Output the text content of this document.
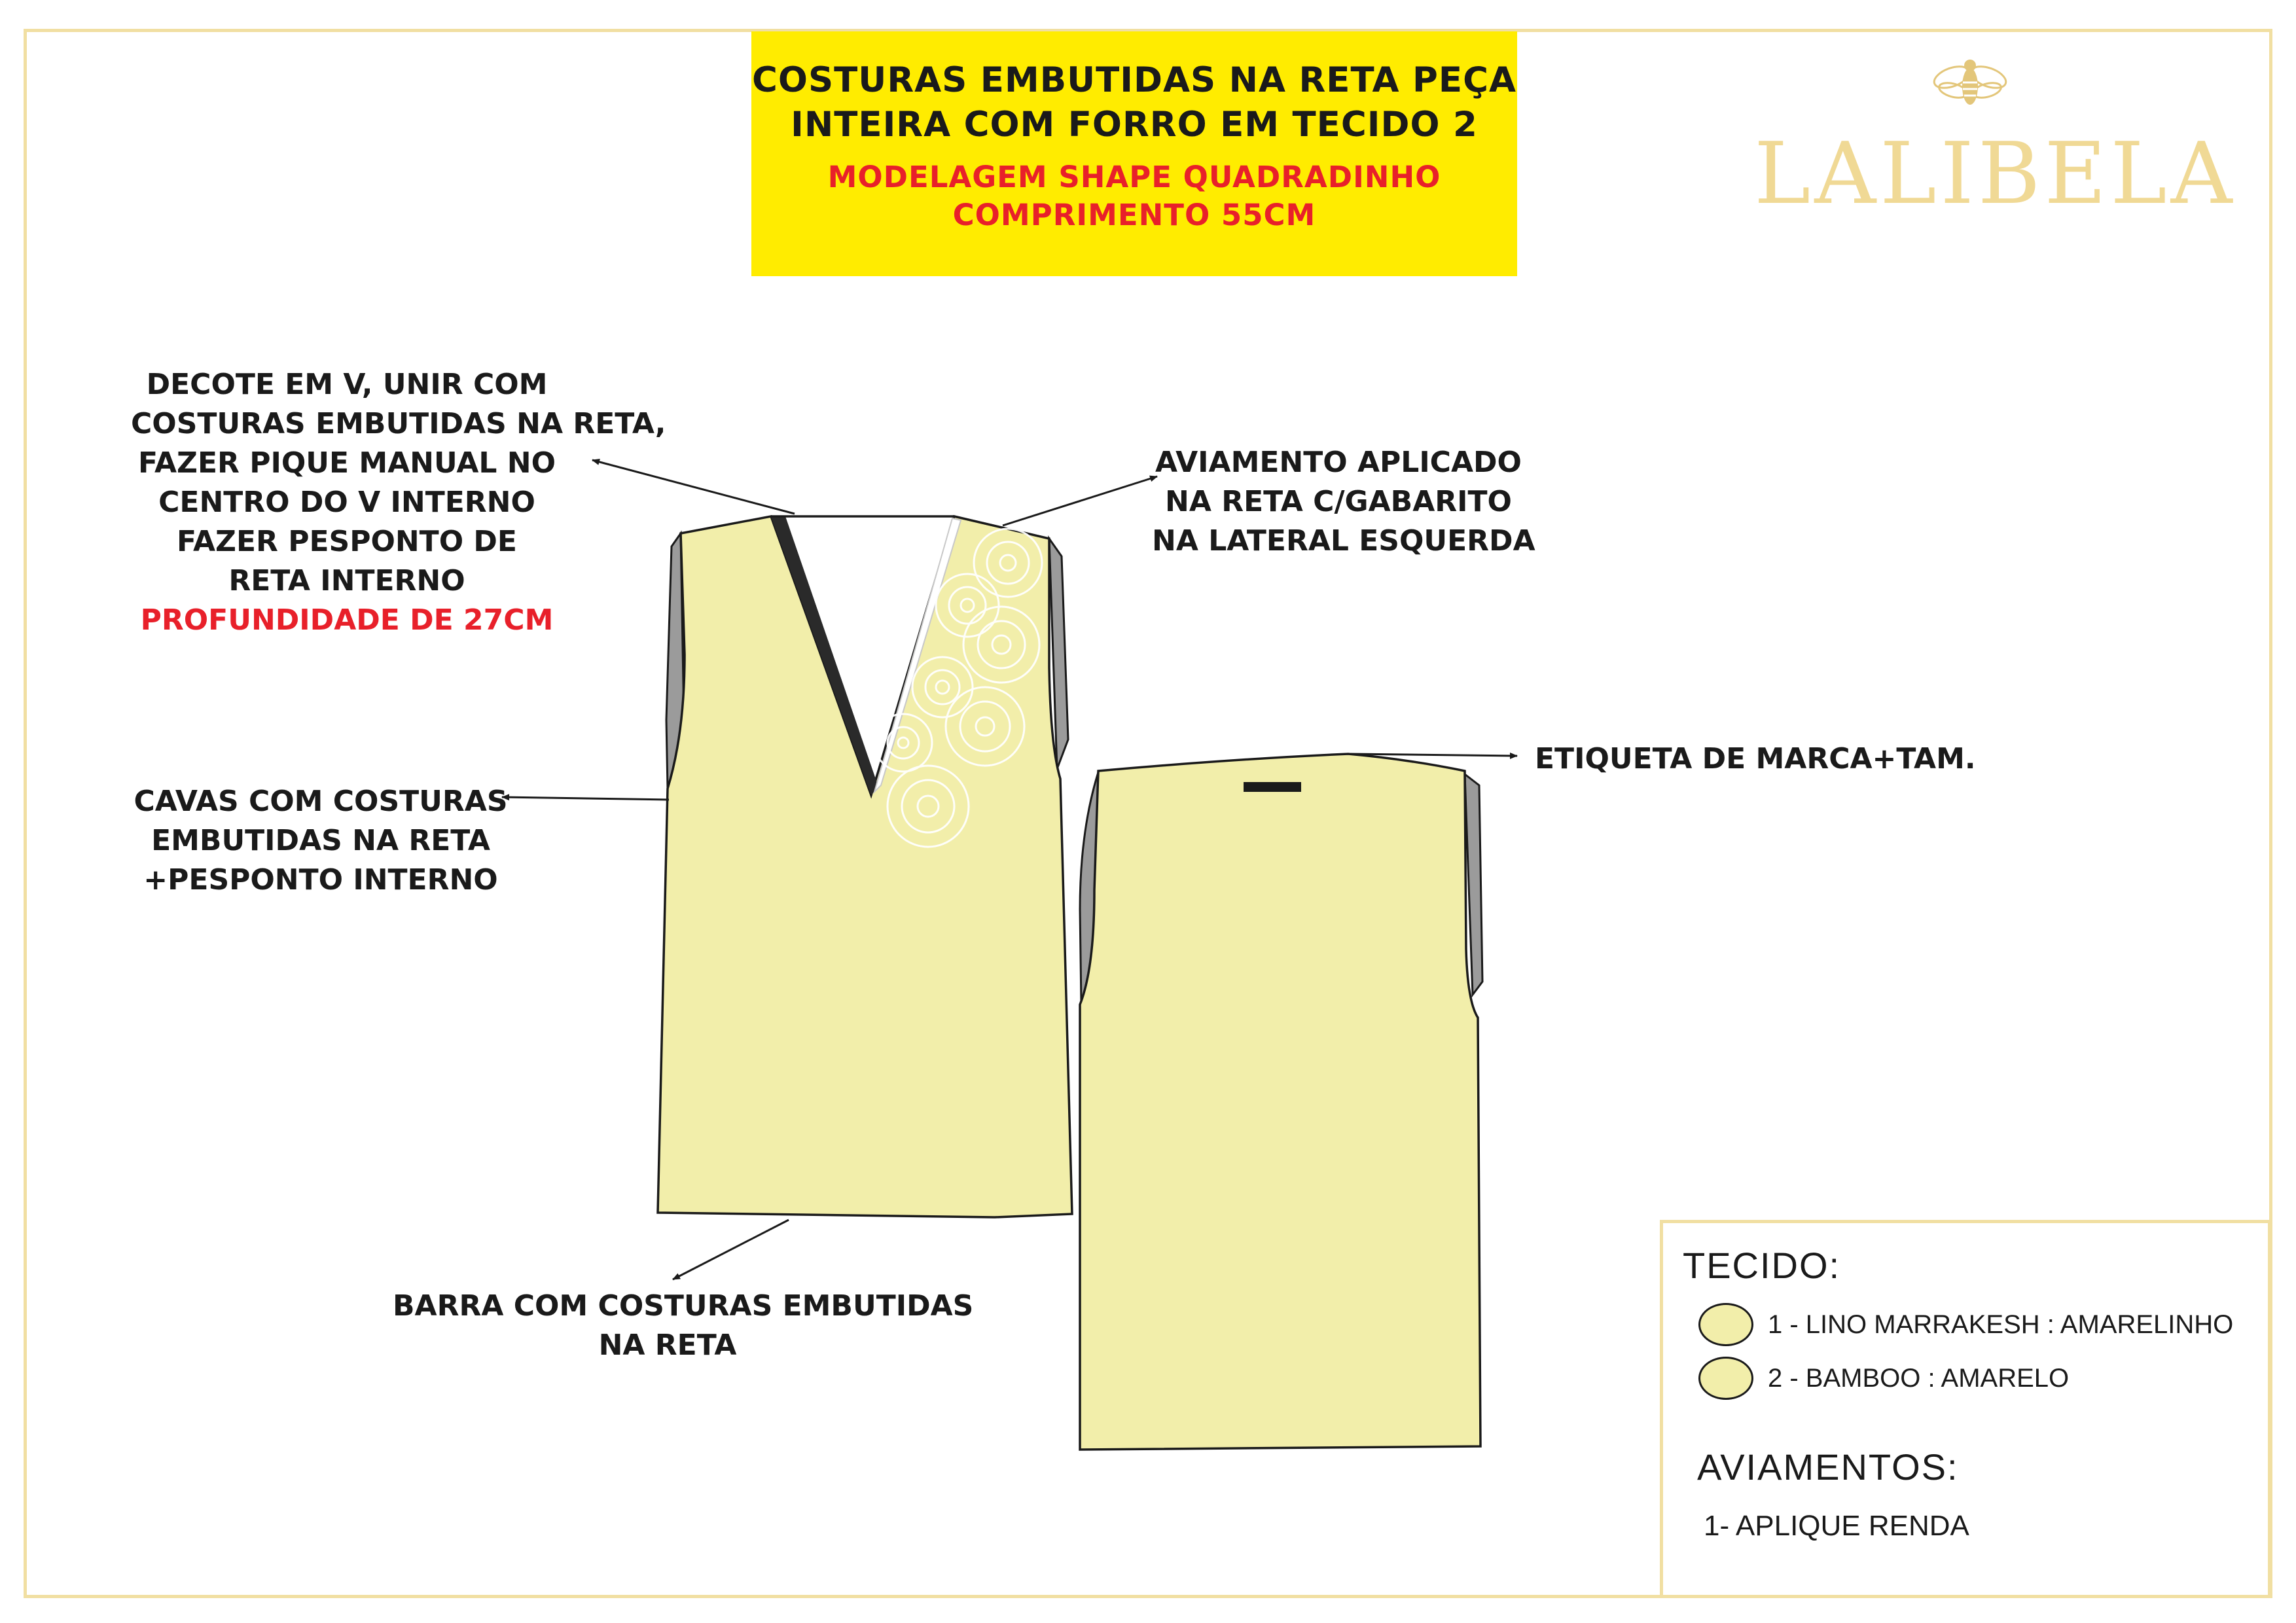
COSTURAS EMBUTIDAS NA RETA PEÇA
INTEIRA COM FORRO EM TECIDO 2
MODELAGEM SHAPE QUADRADINHO
COMPRIMENTO 55CM	LALIBELA
DECOTE EM V, UNIR COM
COSTURAS EMBUTIDAS NA RETA,
FAZER PIQUE MANUAL NO
CENTRO DO V INTERNO
FAZER PESPONTO DE
RETA INTERNO
PROFUNDIDADE DE 27CM
AVIAMENTO APLICADO
NA RETA C/GABARITO
NA LATERAL ESQUERDA
CAVAS COM COSTURAS
EMBUTIDAS NA RETA
+PESPONTO INTERNO
ETIQUETA DE MARCA+TAM.
BARRA COM COSTURAS EMBUTIDAS
NA RETA
TECIDO:
1 - LINO MARRAKESH : AMARELINHO
2 - BAMBOO : AMARELO
AVIAMENTOS:
1- APLIQUE RENDA
